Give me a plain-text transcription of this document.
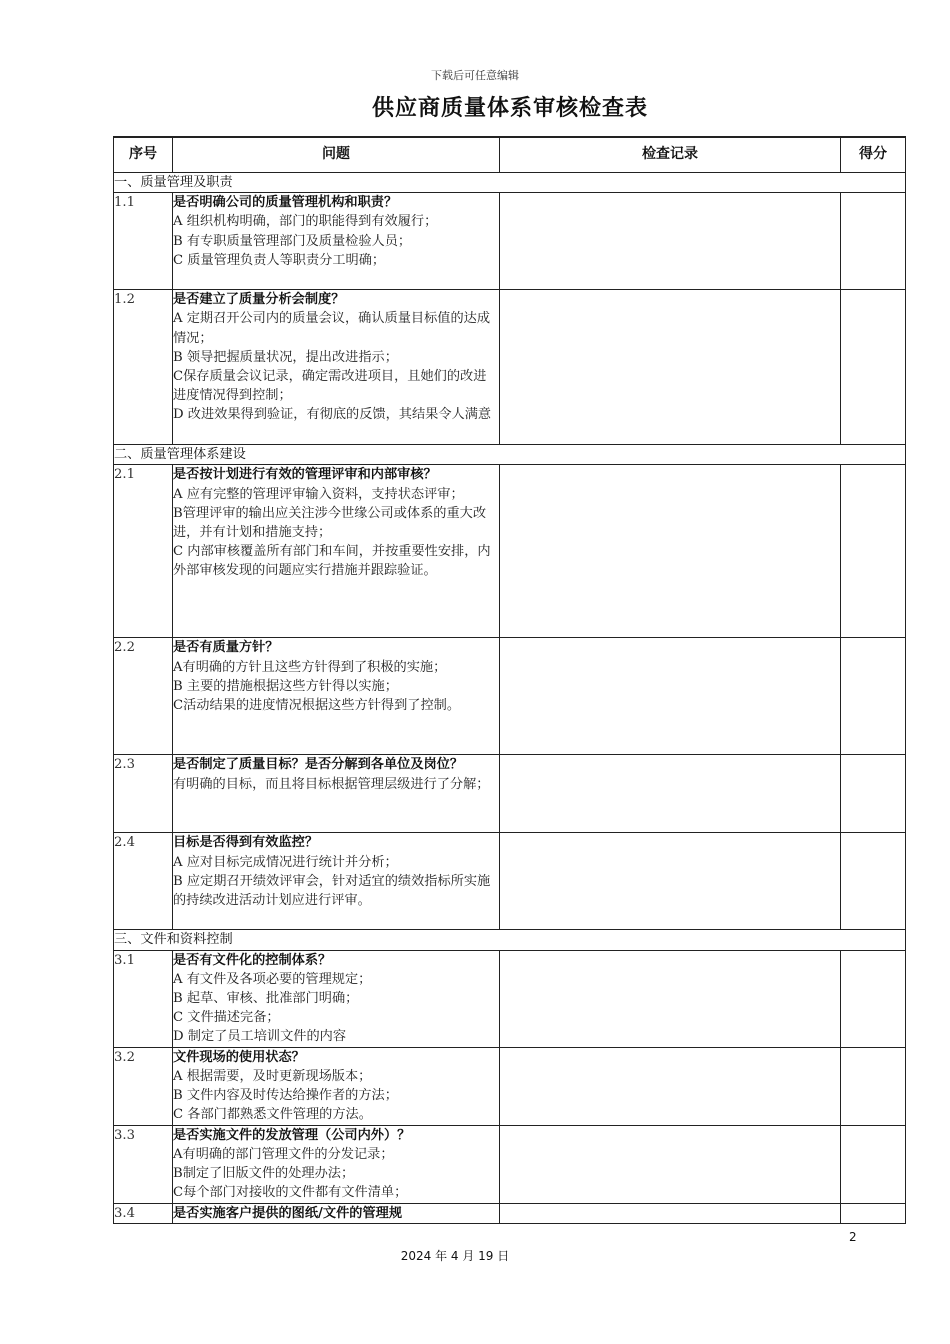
下载后可任意编辑
供应商质量体系审核检查表
序号	问题	检查记录	得分
一、质量管理及职责			
1.1	是否明确公司的质量管理机构和职责？
A 组织机构明确，部门的职能得到有效履行；
B 有专职质量管理部门及质量检验人员；
C 质量管理负责人等职责分工明确；		

1.2	是否建立了质量分析会制度？
A 定期召开公司内的质量会议，确认质量目标值的达成情况；
B 领导把握质量状况，提出改进指示；
C保存质量会议记录，确定需改进项目，且她们的改进进度情况得到控制；
D 改进效果得到验证，有彻底的反馈，其结果令人满意		

二、质量管理体系建设			
2.1	是否按计划进行有效的管理评审和内部审核？
A 应有完整的管理评审输入资料，支持状态评审；
B管理评审的输出应关注涉今世缘公司或体系的重大改进，并有计划和措施支持；
C 内部审核覆盖所有部门和车间，并按重要性安排，内外部审核发现的问题应实行措施并跟踪验证。		

2.2	是否有质量方针？
A有明确的方针且这些方针得到了积极的实施；
B 主要的措施根据这些方针得以实施；
C活动结果的进度情况根据这些方针得到了控制。		

2.3	是否制定了质量目标？是否分解到各单位及岗位？
有明确的目标，而且将目标根据管理层级进行了分解；		

2.4	目标是否得到有效监控？
A 应对目标完成情况进行统计并分析；
B 应定期召开绩效评审会，针对适宜的绩效指标所实施的持续改进活动计划应进行评审。		

三、文件和资料控制			
3.1	是否有文件化的控制体系？
A 有文件及各项必要的管理规定；
B 起草、审核、批准部门明确；
C 文件描述完备；
D 制定了员工培训文件的内容		

3.2	文件现场的使用状态？
A 根据需要，及时更新现场版本；
B 文件内容及时传达给操作者的方法；
C 各部门都熟悉文件管理的方法。		

3.3	是否实施文件的发放管理（公司内外）？
A有明确的部门管理文件的分发记录；
B制定了旧版文件的处理办法；
C每个部门对接收的文件都有文件清单；		

3.4	是否实施客户提供的图纸/文件的管理规		

2
2024 年 4 月 19 日
